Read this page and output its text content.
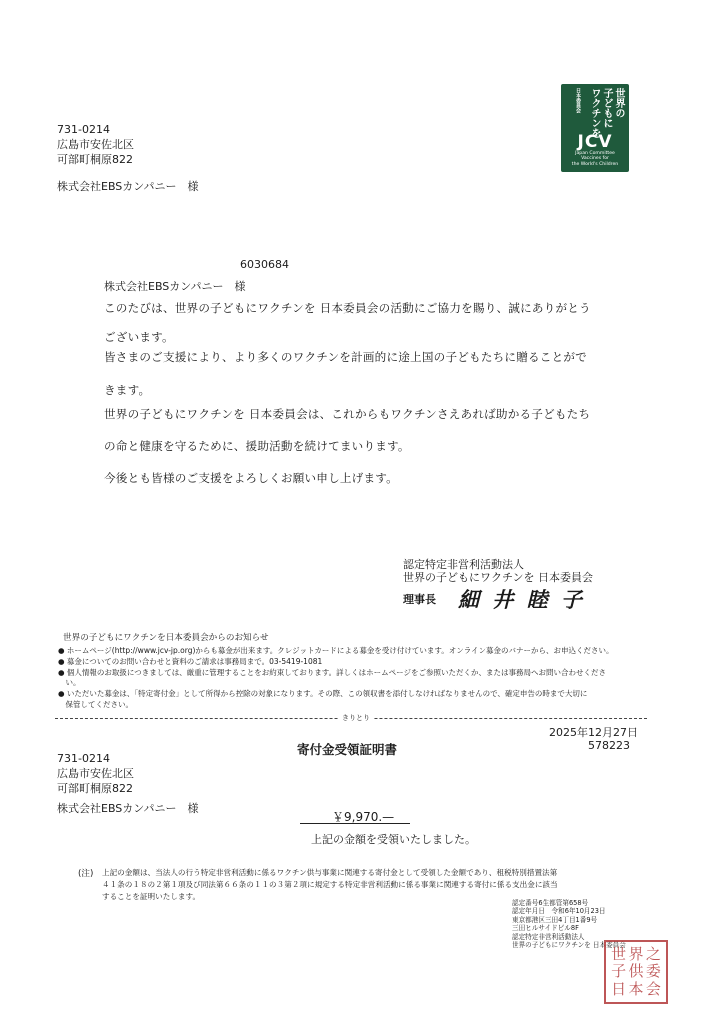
世界の
子どもに
ワクチンを
日本委員会
JCV
Japan Committee
Vaccines for
the World's Children
731-0214
広島市安佐北区
可部町桐原822
株式会社EBSカンパニー　様
6030684
株式会社EBSカンパニー　様
このたびは、世界の子どもにワクチンを 日本委員会の活動にご協力を賜り、誠にありがとう
ございます。
皆さまのご支援により、より多くのワクチンを計画的に途上国の子どもたちに贈ることがで
きます。
世界の子どもにワクチンを 日本委員会は、これからもワクチンさえあれば助かる子どもたち
の命と健康を守るために、援助活動を続けてまいります。
今後とも皆様のご支援をよろしくお願い申し上げます。
認定特定非営利活動法人
世界の子どもにワクチンを 日本委員会
理事長 細 井 睦 子
世界の子どもにワクチンを日本委員会からのお知らせ
● ホームページ(http://www.jcv-jp.org)からも募金が出来ます。クレジットカードによる募金を受け付けています。オンライン募金のバナーから、お申込ください。
● 募金についてのお問い合わせと資料のご請求は事務局まで。03-5419-1081
● 個人情報のお取扱につきましては、厳重に管理することをお約束しております。詳しくはホームページをご参照いただくか、または事務局へお問い合わせくださ
　い。
● いただいた募金は、「特定寄付金」として所得から控除の対象になります。その際、この領収書を添付しなければなりませんので、確定申告の時まで大切に
　保管してください。
きりとり
2025年12月27日
578223
寄付金受領証明書
731-0214
広島市安佐北区
可部町桐原822
株式会社EBSカンパニー　様
￥9,970.—
上記の金額を受領いたしました。
(注) 上記の金額は、当法人の行う特定非営利活動に係るワクチン供与事業に関連する寄付金として受領した金額であり、租税特別措置法第
４１条の１８の２第１項及び同法第６６条の１１の３第２項に規定する特定非営利活動に係る事業に関連する寄付に係る支出金に該当
することを証明いたします。
認定番号6生都管第658号
認定年月日　令和6年10月23日
東京都港区三田4丁目1番9号
三田ヒルサイドビル8F
認定特定非営利活動法人
世界の子どもにワクチンを 日本委員会
世 界 之
子 供 委
日 本 会
